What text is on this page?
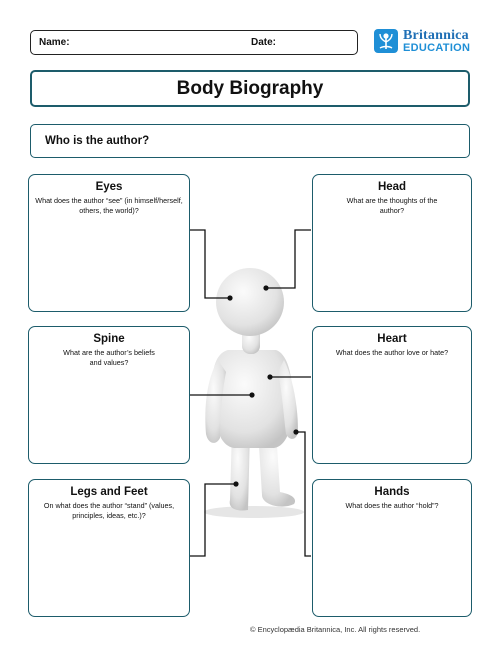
Name:	Date:	Britannica
EDUCATION
Body Biography
Who is the author?
Eyes
What does the author “see” (in himself/herself, others, the world)?
Head
What are the thoughts of the author?
Spine
What are the author’s beliefs and values?
Heart
What does the author love or hate?
Legs and Feet
On what does the author “stand” (values, principles, ideas, etc.)?
Hands
What does the author “hold”?
© Encyclopædia Britannica, Inc. All rights reserved.
